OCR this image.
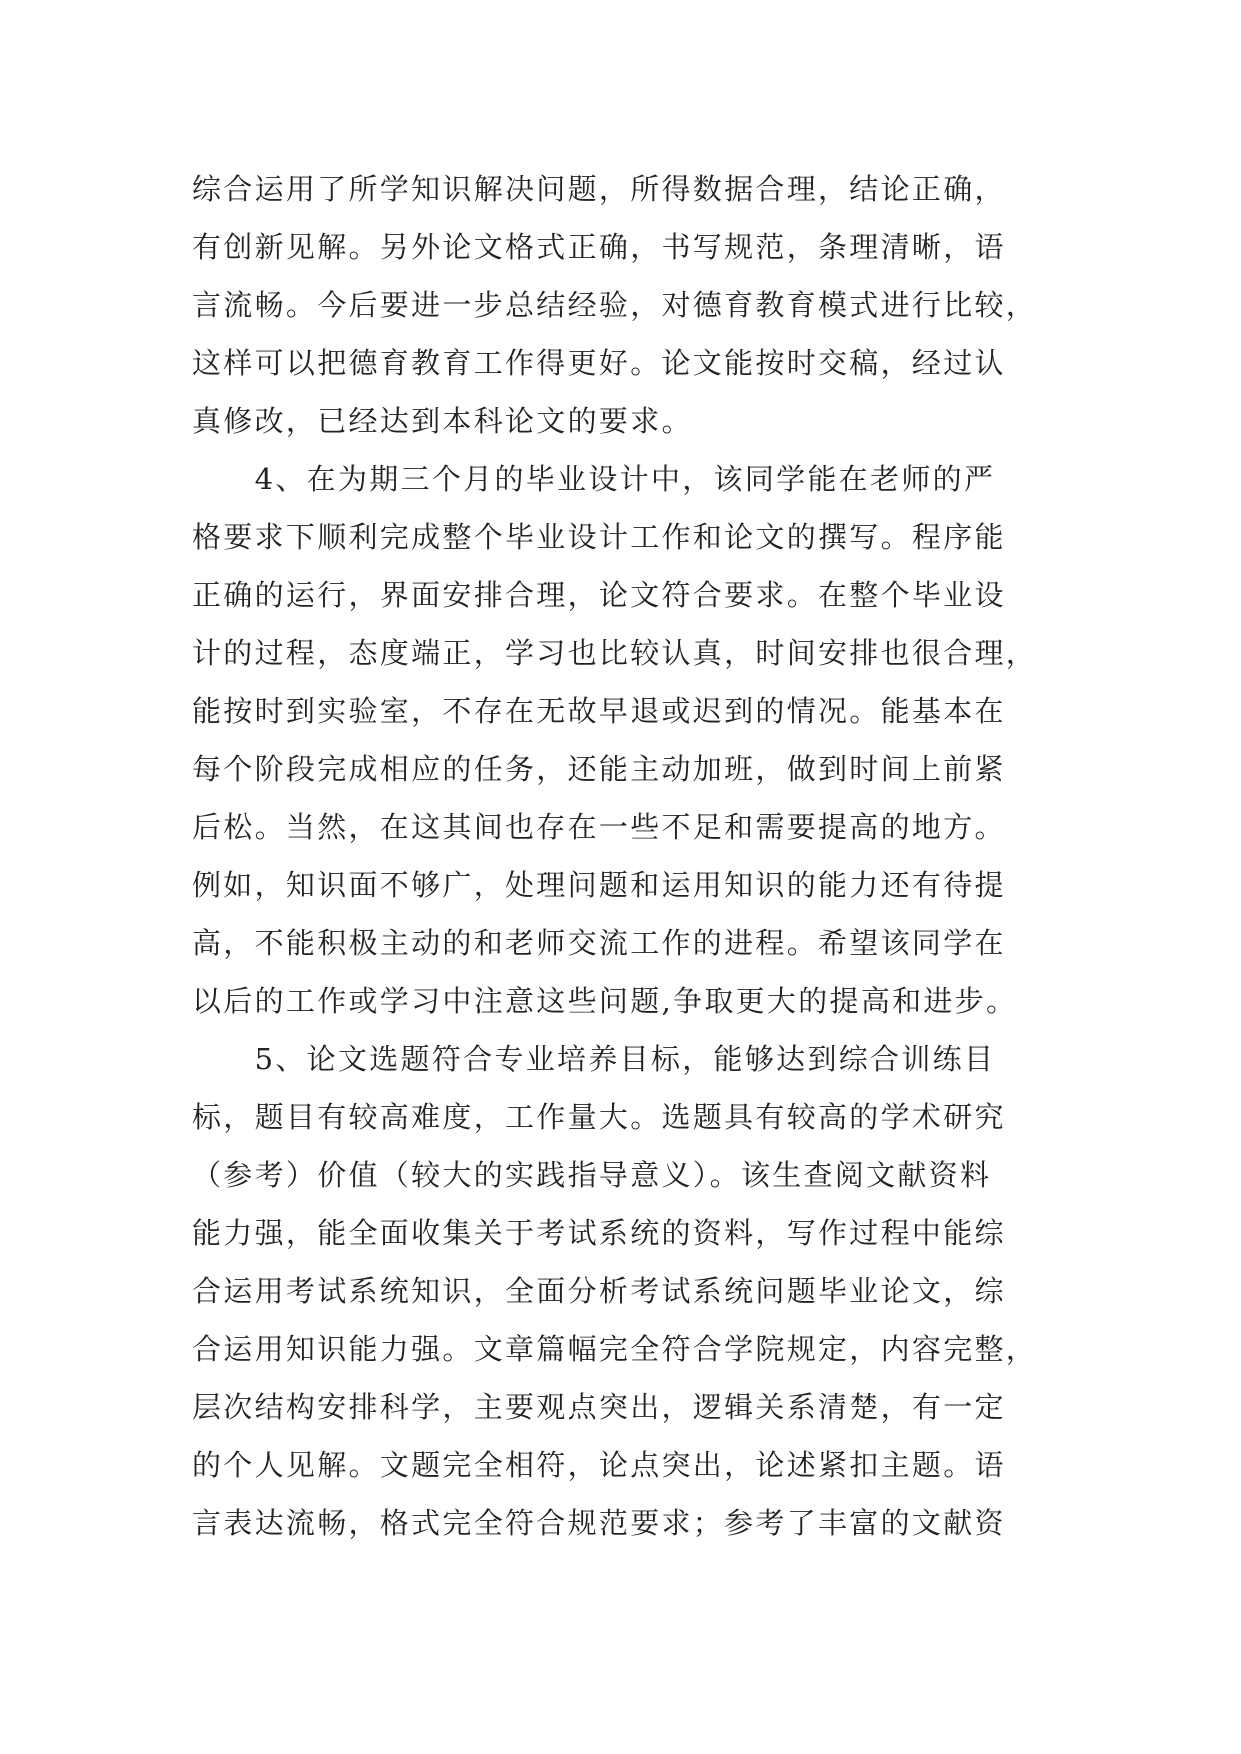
综合运用了所学知识解决问题，所得数据合理，结论正确，
有创新见解。另外论文格式正确，书写规范，条理清晰，语
言流畅。今后要进一步总结经验，对德育教育模式进行比较，
这样可以把德育教育工作得更好。论文能按时交稿，经过认
真修改，已经达到本科论文的要求。
　　4、在为期三个月的毕业设计中，该同学能在老师的严
格要求下顺利完成整个毕业设计工作和论文的撰写。程序能
正确的运行，界面安排合理，论文符合要求。在整个毕业设
计的过程，态度端正，学习也比较认真，时间安排也很合理，
能按时到实验室，不存在无故早退或迟到的情况。能基本在
每个阶段完成相应的任务，还能主动加班，做到时间上前紧
后松。当然，在这其间也存在一些不足和需要提高的地方。
例如，知识面不够广，处理问题和运用知识的能力还有待提
高，不能积极主动的和老师交流工作的进程。希望该同学在
以后的工作或学习中注意这些问题,争取更大的提高和进步。
　　5、论文选题符合专业培养目标，能够达到综合训练目
标，题目有较高难度，工作量大。选题具有较高的学术研究
（参考）价值（较大的实践指导意义）。该生查阅文献资料
能力强，能全面收集关于考试系统的资料，写作过程中能综
合运用考试系统知识，全面分析考试系统问题毕业论文，综
合运用知识能力强。文章篇幅完全符合学院规定，内容完整，
层次结构安排科学，主要观点突出，逻辑关系清楚，有一定
的个人见解。文题完全相符，论点突出，论述紧扣主题。语
言表达流畅，格式完全符合规范要求；参考了丰富的文献资
